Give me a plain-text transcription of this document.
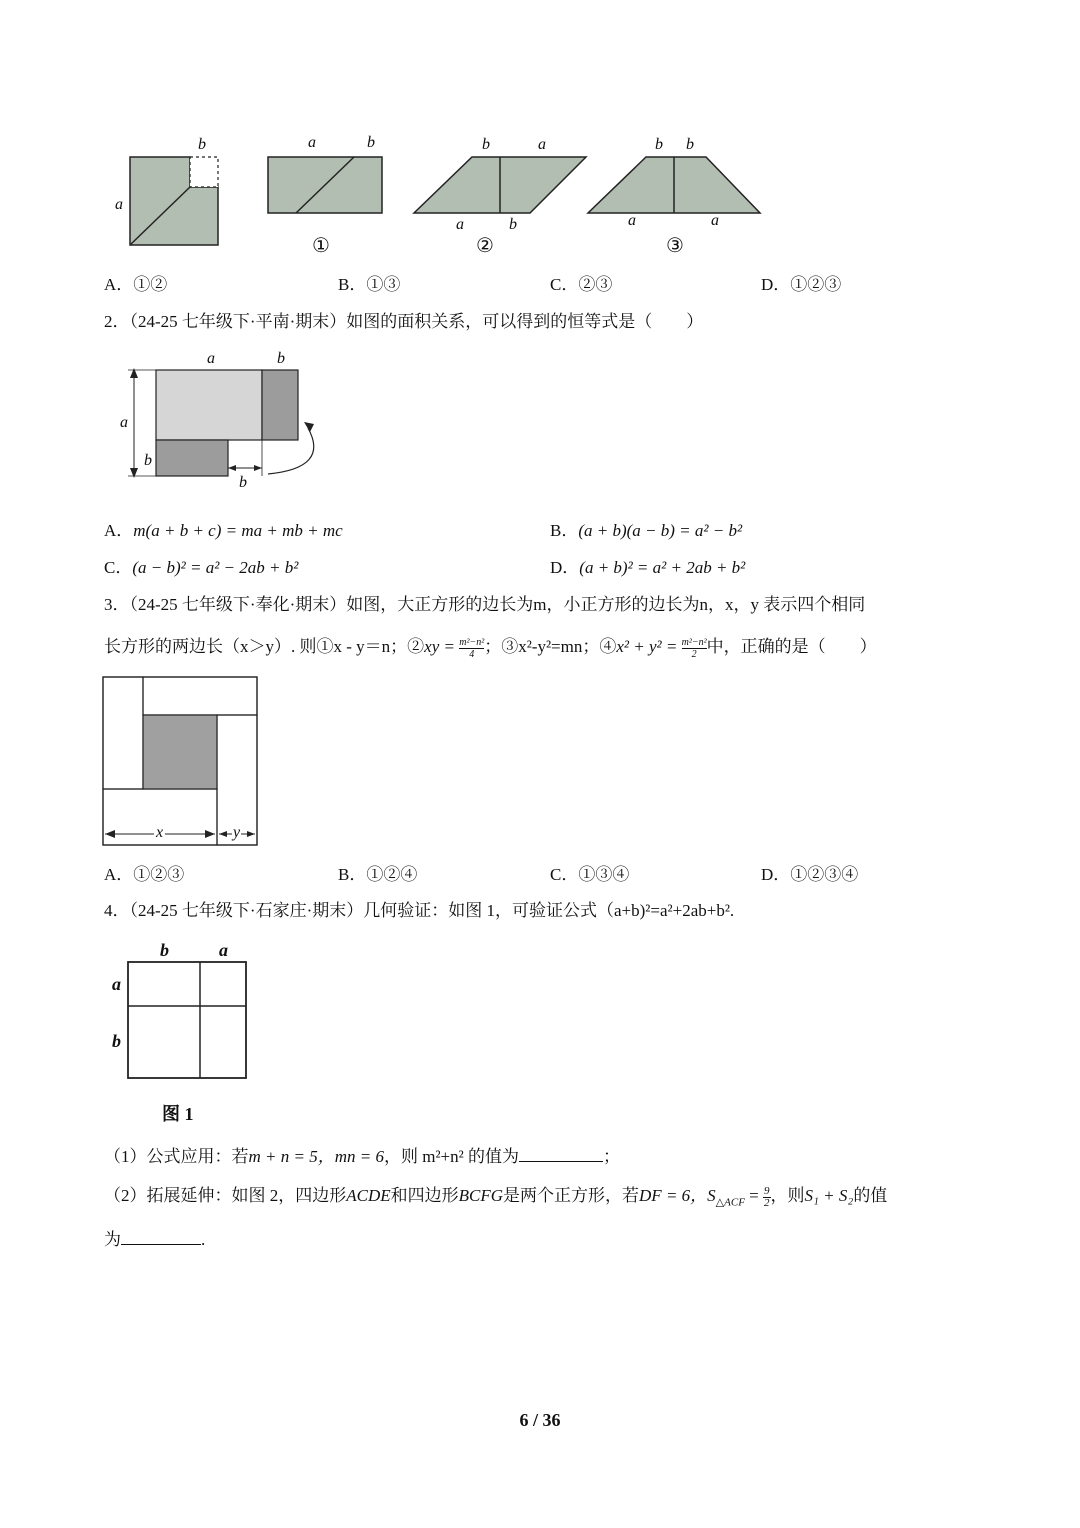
b
a
a	b
①
b	a
a	b
②
b b
a	a
③
A．①②	B．①③	C．②③	D．①②③
2．（24-25 七年级下·平南·期末）如图的面积关系，可以得到的恒等式是（　　）
a	b
a
b
b
A．m(a + b + c) = ma + mb + mc	B．(a + b)(a − b) = a² − b²
C．(a − b)² = a² − 2ab + b²	D．(a + b)² = a² + 2ab + b²
3．（24-25 七年级下·奉化·期末）如图，大正方形的边长为m，小正方形的边长为n，x，y 表示四个相同
长方形的两边长（x＞y）. 则①x - y＝n；②xy = $\frac{\text{m²−n²}}{4}$ ；③x²-y²=mn；④x² + $y^2 = \frac{\text{m²−n²}}{2}$ 中，正确的是（　　）
x	y
A．①②③	B．①②④	C．①③④	D．①②③④
4．（24-25 七年级下·石家庄·期末）几何验证：如图 1，可验证公式（a+b)²=a²+2ab+b².
b	a
a
b
图 1
（1）公式应用：若m + n = 5，mn = 6，则 m²+n² 的值为	；
（2）拓展延伸：如图 2，四边形ACDE和四边形BCFG是两个正方形，若DF = 6，$S_{\triangle ACF} = \frac{9}{2}$ ，则S₁ + S₂的值
为	.
6 / 36
